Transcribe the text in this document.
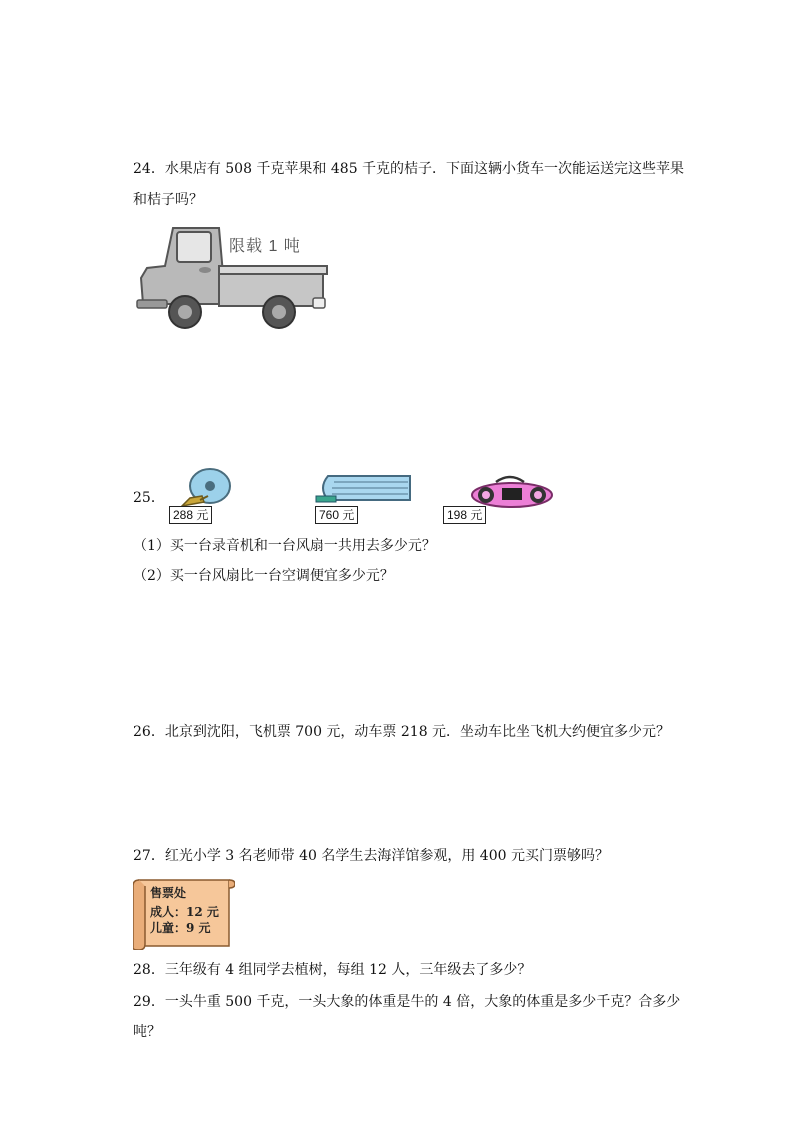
24．水果店有 508 千克苹果和 485 千克的桔子．下面这辆小货车一次能运送完这些苹果
和桔子吗？
限载 1 吨
25．
288 元	760 元	198 元
（1）买一台录音机和一台风扇一共用去多少元？
（2）买一台风扇比一台空调便宜多少元？
26．北京到沈阳，飞机票 700 元，动车票 218 元．坐动车比坐飞机大约便宜多少元？
27．红光小学 3 名老师带 40 名学生去海洋馆参观，用 400 元买门票够吗？
售票处
成人：12 元
儿童：9 元
28．三年级有 4 组同学去植树，每组 12 人，三年级去了多少？
29．一头牛重 500 千克，一头大象的体重是牛的 4 倍，大象的体重是多少千克？合多少
吨？
